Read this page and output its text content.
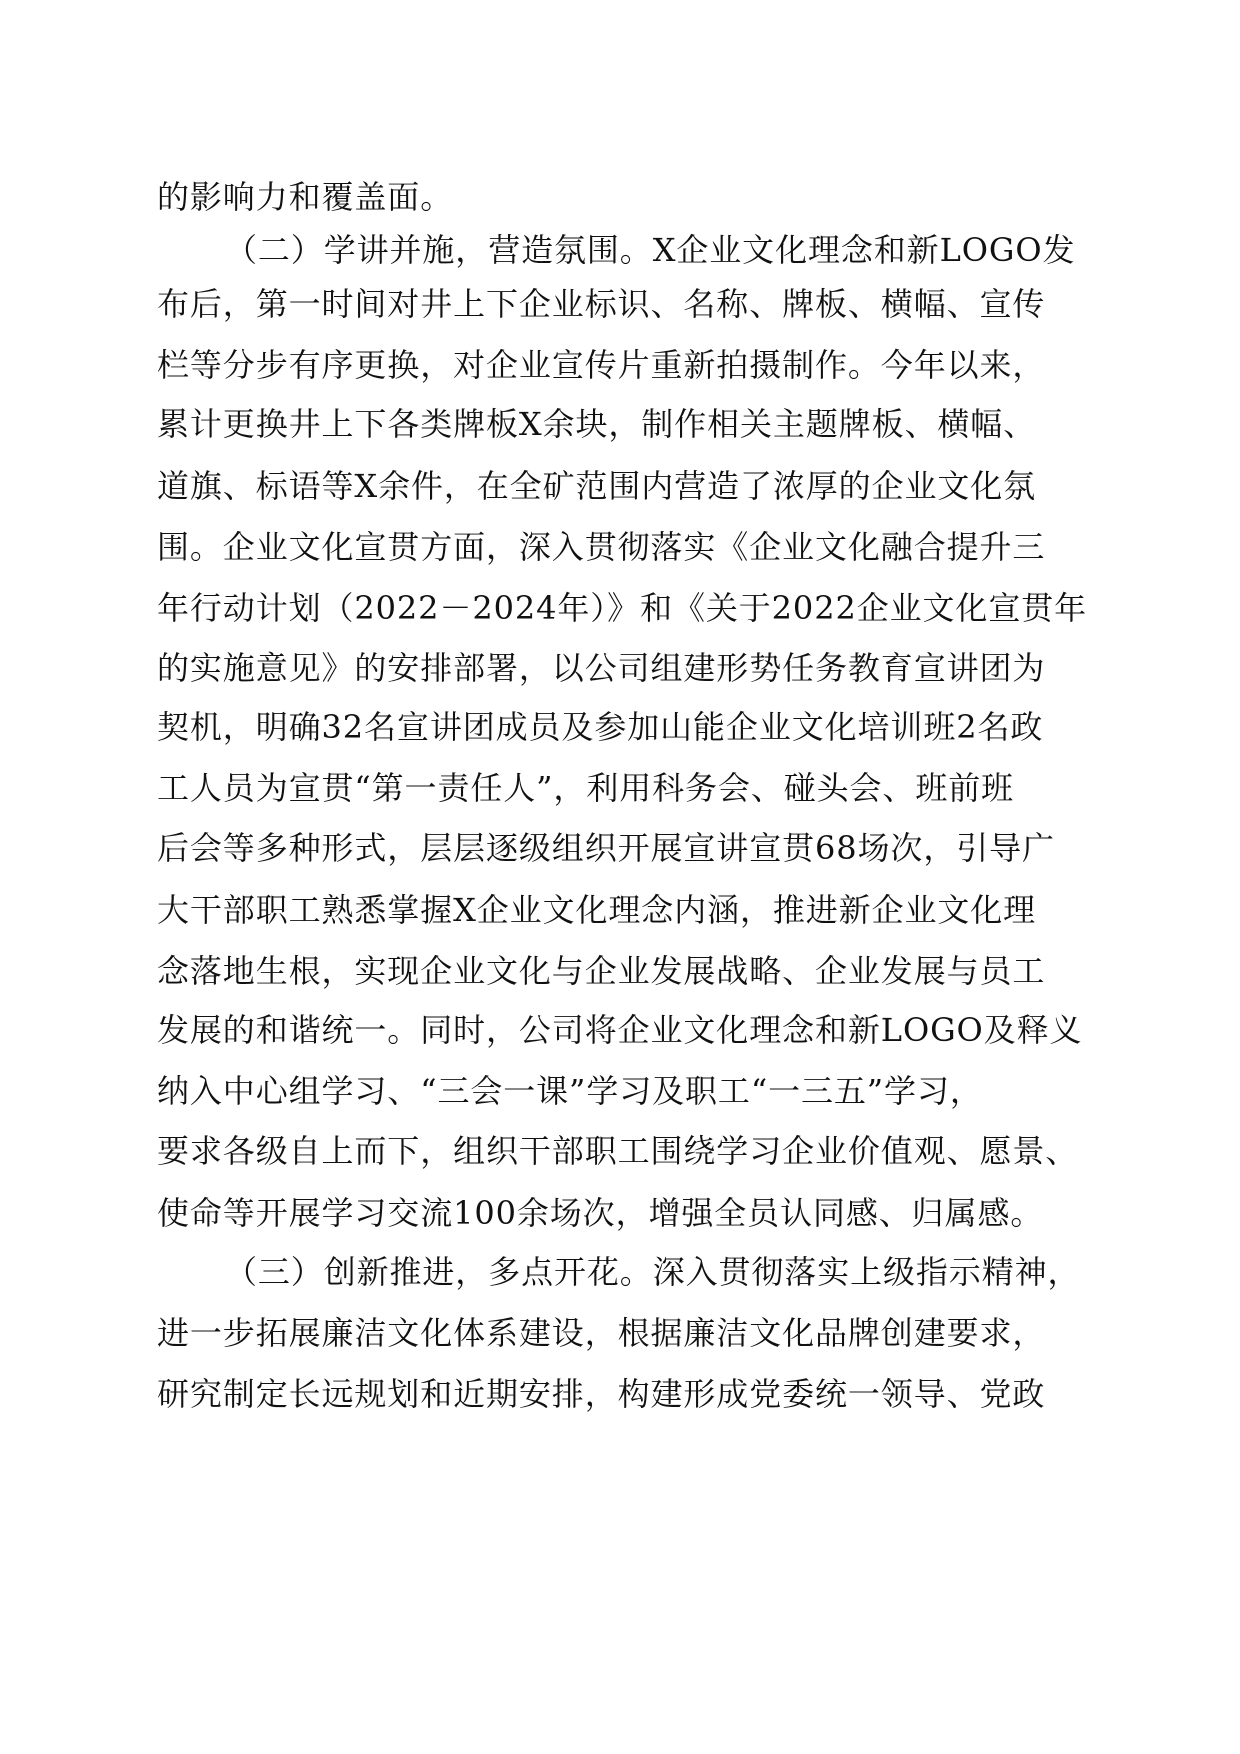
的影响力和覆盖面。
（二）学讲并施，营造氛围。X企业文化理念和新LOGO发
布后，第一时间对井上下企业标识、名称、牌板、横幅、宣传
栏等分步有序更换，对企业宣传片重新拍摄制作。今年以来，
累计更换井上下各类牌板X余块，制作相关主题牌板、横幅、
道旗、标语等X余件，在全矿范围内营造了浓厚的企业文化氛
围。企业文化宣贯方面，深入贯彻落实《企业文化融合提升三
年行动计划（2022－2024年）》和《关于2022企业文化宣贯年
的实施意见》的安排部署，以公司组建形势任务教育宣讲团为
契机，明确32名宣讲团成员及参加山能企业文化培训班2名政
工人员为宣贯“第一责任人”，利用科务会、碰头会、班前班
后会等多种形式，层层逐级组织开展宣讲宣贯68场次，引导广
大干部职工熟悉掌握X企业文化理念内涵，推进新企业文化理
念落地生根，实现企业文化与企业发展战略、企业发展与员工
发展的和谐统一。同时，公司将企业文化理念和新LOGO及释义
纳入中心组学习、“三会一课”学习及职工“一三五”学习，
要求各级自上而下，组织干部职工围绕学习企业价值观、愿景、
使命等开展学习交流100余场次，增强全员认同感、归属感。
（三）创新推进，多点开花。深入贯彻落实上级指示精神，
进一步拓展廉洁文化体系建设，根据廉洁文化品牌创建要求，
研究制定长远规划和近期安排，构建形成党委统一领导、党政
